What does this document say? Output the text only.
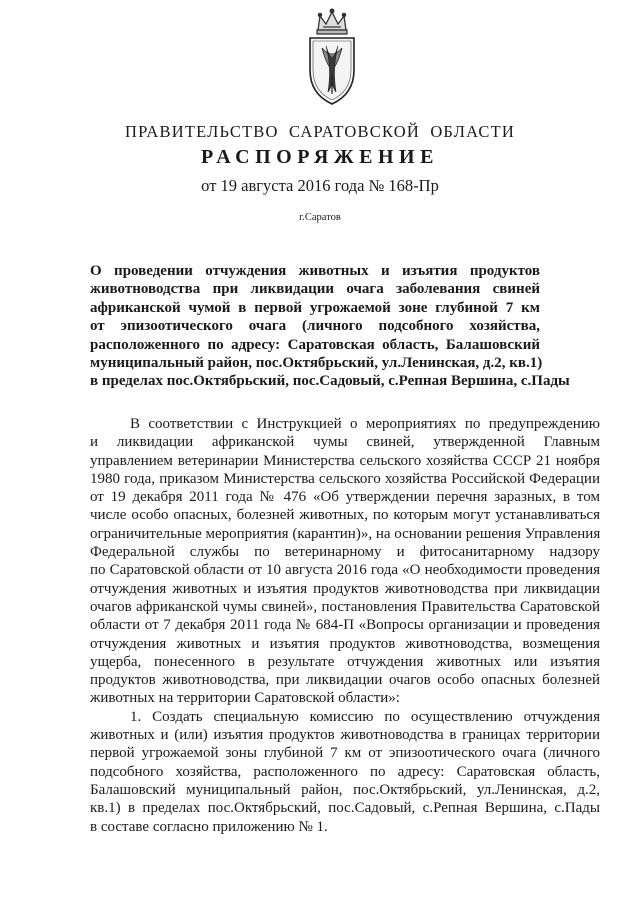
ПРАВИТЕЛЬСТВО САРАТОВСКОЙ ОБЛАСТИ
РАСПОРЯЖЕНИЕ
от 19 августа 2016 года № 168-Пр
г.Саратов
О проведении отчуждения животных и изъятия продуктов
животноводства при ликвидации очага заболевания свиней
африканской чумой в первой угрожаемой зоне глубиной 7 км
от эпизоотического очага (личного подсобного хозяйства,
расположенного по адресу: Саратовская область, Балашовский
муниципальный район, пос.Октябрьский, ул.Ленинская, д.2, кв.1)
в пределах пос.Октябрьский, пос.Садовый, с.Репная Вершина, с.Пады
В соответствии с Инструкцией о мероприятиях по предупреждению
и ликвидации африканской чумы свиней, утвержденной Главным
управлением ветеринарии Министерства сельского хозяйства СССР 21 ноября
1980 года, приказом Министерства сельского хозяйства Российской Федерации
от 19 декабря 2011 года № 476 «Об утверждении перечня заразных, в том
числе особо опасных, болезней животных, по которым могут устанавливаться
ограничительные мероприятия (карантин)», на основании решения Управления
Федеральной службы по ветеринарному и фитосанитарному надзору
по Саратовской области от 10 августа 2016 года «О необходимости проведения
отчуждения животных и изъятия продуктов животноводства при ликвидации
очагов африканской чумы свиней», постановления Правительства Саратовской
области от 7 декабря 2011 года № 684-П «Вопросы организации и проведения
отчуждения животных и изъятия продуктов животноводства, возмещения
ущерба, понесенного в результате отчуждения животных или изъятия
продуктов животноводства, при ликвидации очагов особо опасных болезней
животных на территории Саратовской области»:
1. Создать специальную комиссию по осуществлению отчуждения
животных и (или) изъятия продуктов животноводства в границах территории
первой угрожаемой зоны глубиной 7 км от эпизоотического очага (личного
подсобного хозяйства, расположенного по адресу: Саратовская область,
Балашовский муниципальный район, пос.Октябрьский, ул.Ленинская, д.2,
кв.1) в пределах пос.Октябрьский, пос.Садовый, с.Репная Вершина, с.Пады
в составе согласно приложению № 1.
